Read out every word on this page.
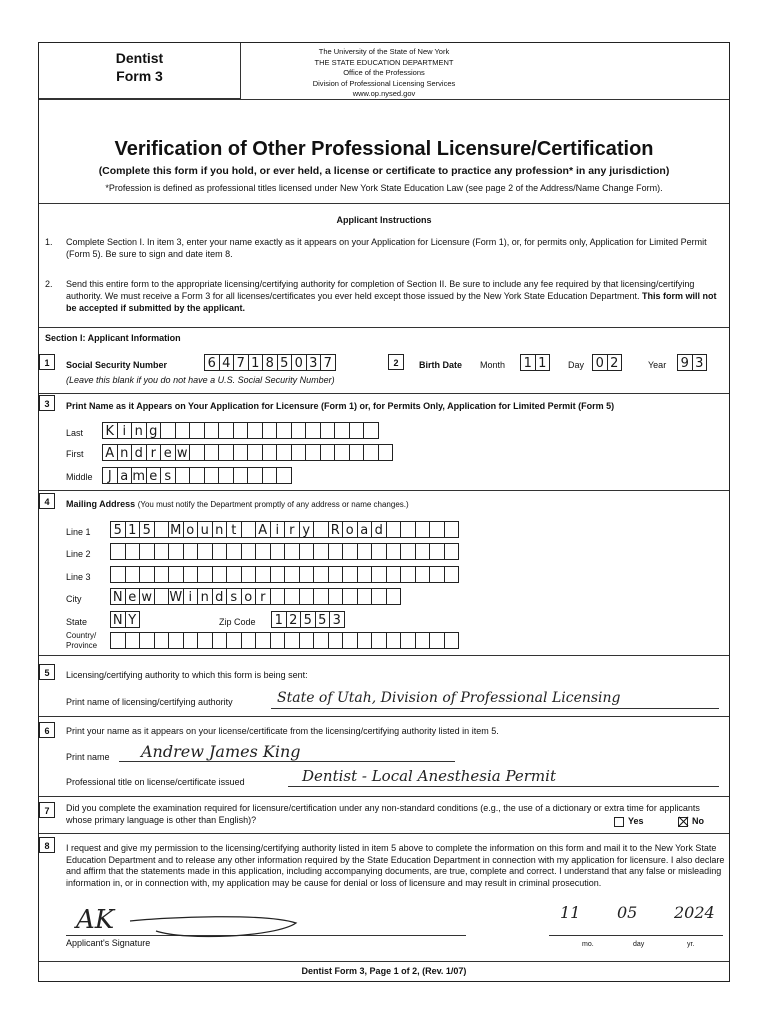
Dentist
Form 3
The University of the State of New York
THE STATE EDUCATION DEPARTMENT
Office of the Professions
Division of Professional Licensing Services
www.op.nysed.gov
Verification of Other Professional Licensure/Certification
(Complete this form if you hold, or ever held, a license or certificate to practice any profession* in any jurisdiction)
*Profession is defined as professional titles licensed under New York State Education Law (see page 2 of the Address/Name Change Form).
Applicant Instructions
1. Complete Section I. In item 3, enter your name exactly as it appears on your Application for Licensure (Form 1), or, for permits only, Application for Limited Permit (Form 5). Be sure to sign and date item 8.
2. Send this entire form to the appropriate licensing/certifying authority for completion of Section II. Be sure to include any fee required by that licensing/certifying authority. We must receive a Form 3 for all licenses/certificates you ever held except those issued by the New York State Education Department. This form will not be accepted if submitted by the applicant.
Section I: Applicant Information
1	Social Security Number
(Leave this blank if you do not have a U.S. Social Security Number)
6 4 7 1 8 5 0 3 7	2	Birth Date Month 1 1	Day 0 2	Year 9 3
3	Print Name as it Appears on Your Application for Licensure (Form 1) or, for Permits Only, Application for Limited Permit (Form 5)
Last K i n g
First A n d r e w
Middle	J a m e s
4	Mailing Address (You must notify the Department promptly of any address or name changes.)
Line 1 5 1 5 M o u n t	A i r y	R o a d
Line 2
Line 3
City N e w W i n d s o r
State N Y	Zip Code 1 2 5 5 3
Country/
Province
5	Licensing/certifying authority to which this form is being sent:
Print name of licensing/certifying authority	State of Utah, Division of Professional Licensing
6	Print your name as it appears on your license/certificate from the licensing/certifying authority listed in item 5.
Print name Andrew James King
Professional title on license/certificate issued	Dentist - Local Anesthesia Permit
7	Did you complete the examination required for licensure/certification under any non-standard conditions (e.g., the use of a dictionary or extra time for applicants whose primary language is other than English)?	Yes	No
8	I request and give my permission to the licensing/certifying authority listed in item 5 above to complete the information on this form and mail it to the New York State Education Department and to release any other information required by the State Education Department in connection with my application for licensure. I also declare and affirm that the statements made in this application, including accompanying documents, are true, complete and correct. I understand that any false or misleading information in, or in connection with, my application may be cause for denial or loss of licensure and may result in criminal prosecution.
AK
Applicant's Signature
11 05 2024
mo.	day	yr.
Dentist Form 3, Page 1 of 2, (Rev. 1/07)
